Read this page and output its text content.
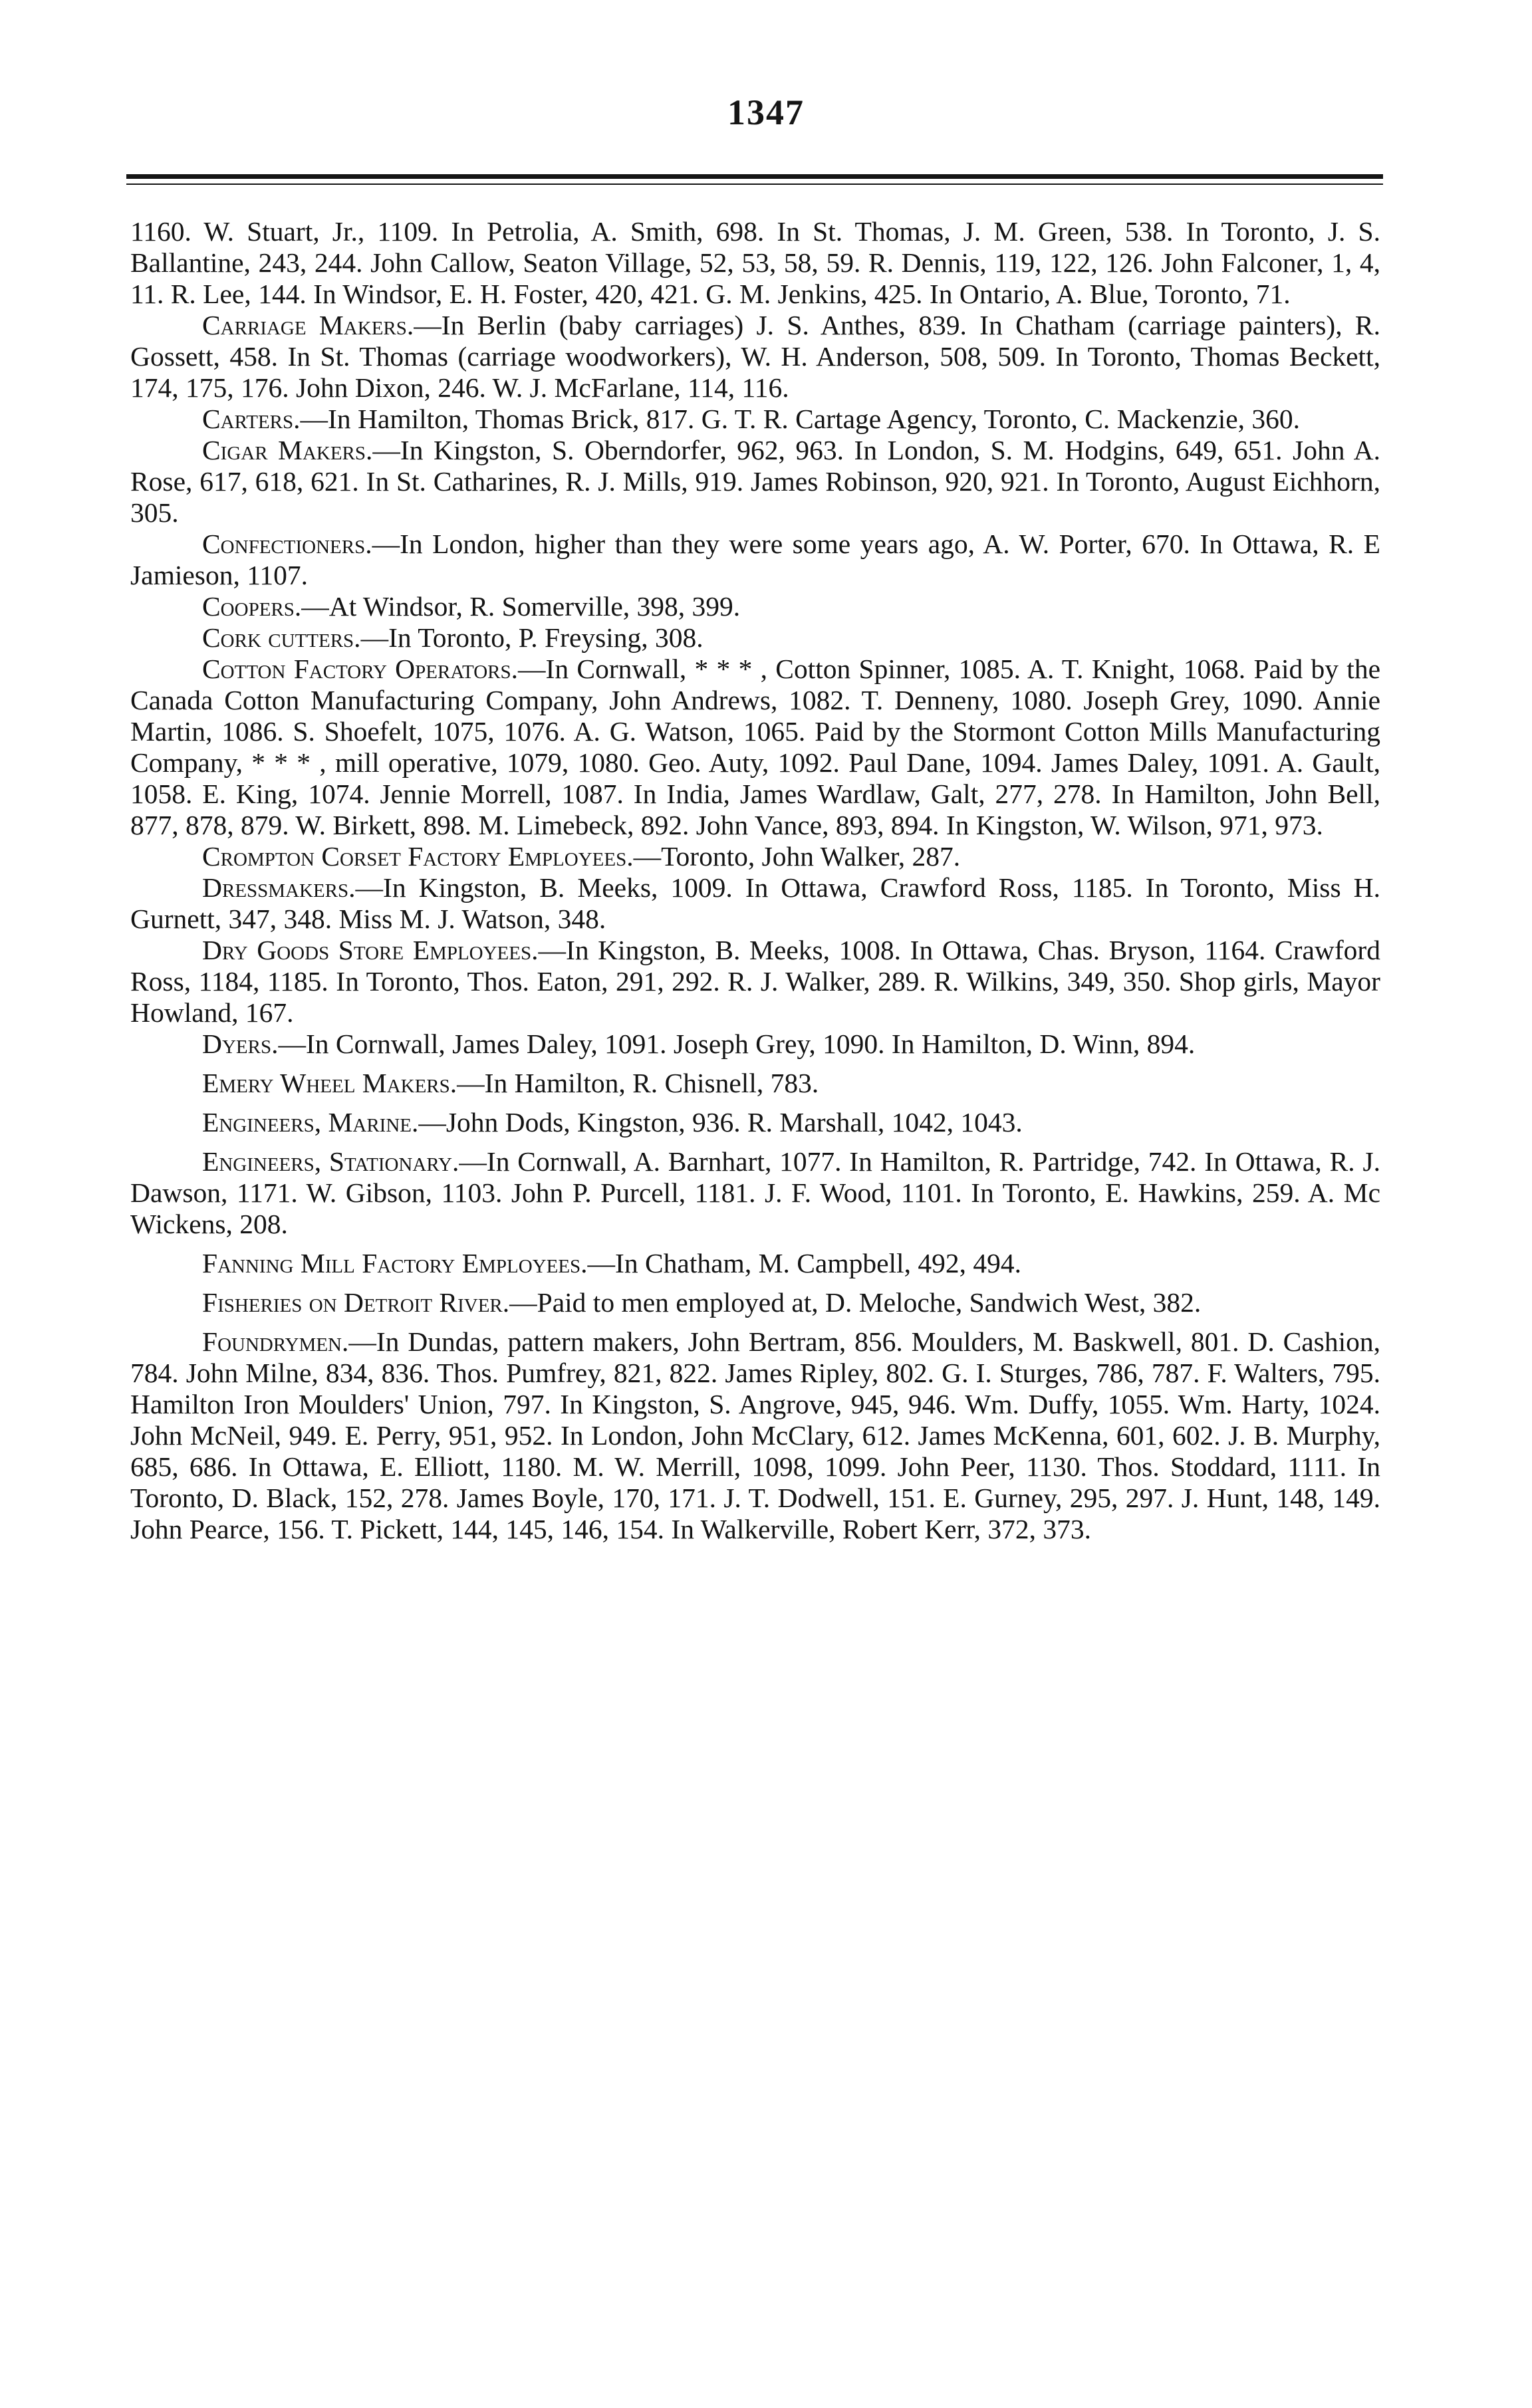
1347

1160. W. Stuart, Jr., 1109. In Petrolia, A. Smith, 698. In St. Thomas, J. M. Green, 538. In Toronto, J. S. Ballantine, 243, 244. John Callow, Seaton Village, 52, 53, 58, 59. R. Dennis, 119, 122, 126. John Falconer, 1, 4, 11. R. Lee, 144. In Windsor, E. H. Foster, 420, 421. G. M. Jenkins, 425. In Ontario, A. Blue, Toronto, 71.

Carriage Makers.—In Berlin (baby carriages) J. S. Anthes, 839. In Chatham (carriage painters), R. Gossett, 458. In St. Thomas (carriage woodworkers), W. H. Anderson, 508, 509. In Toronto, Thomas Beckett, 174, 175, 176. John Dixon, 246. W. J. McFarlane, 114, 116.

Carters.—In Hamilton, Thomas Brick, 817. G. T. R. Cartage Agency, Toronto, C. Mackenzie, 360.

Cigar Makers.—In Kingston, S. Oberndorfer, 962, 963. In London, S. M. Hodgins, 649, 651. John A. Rose, 617, 618, 621. In St. Catharines, R. J. Mills, 919. James Robinson, 920, 921. In Toronto, August Eichhorn, 305.

Confectioners.—In London, higher than they were some years ago, A. W. Porter, 670. In Ottawa, R. E Jamieson, 1107.

Coopers.—At Windsor, R. Somerville, 398, 399.

Cork cutters.—In Toronto, P. Freysing, 308.

Cotton Factory Operators.—In Cornwall, * * * , Cotton Spinner, 1085. A. T. Knight, 1068. Paid by the Canada Cotton Manufacturing Company, John Andrews, 1082. T. Denneny, 1080. Joseph Grey, 1090. Annie Martin, 1086. S. Shoefelt, 1075, 1076. A. G. Watson, 1065. Paid by the Stormont Cotton Mills Manufacturing Company, * * * , mill operative, 1079, 1080. Geo. Auty, 1092. Paul Dane, 1094. James Daley, 1091. A. Gault, 1058. E. King, 1074. Jennie Morrell, 1087. In India, James Wardlaw, Galt, 277, 278. In Hamilton, John Bell, 877, 878, 879. W. Birkett, 898. M. Limebeck, 892. John Vance, 893, 894. In Kingston, W. Wilson, 971, 973.

Crompton Corset Factory Employees.—Toronto, John Walker, 287.

Dressmakers.—In Kingston, B. Meeks, 1009. In Ottawa, Crawford Ross, 1185. In Toronto, Miss H. Gurnett, 347, 348. Miss M. J. Watson, 348.

Dry Goods Store Employees.—In Kingston, B. Meeks, 1008. In Ottawa, Chas. Bryson, 1164. Crawford Ross, 1184, 1185. In Toronto, Thos. Eaton, 291, 292. R. J. Walker, 289. R. Wilkins, 349, 350. Shop girls, Mayor Howland, 167.

Dyers.—In Cornwall, James Daley, 1091. Joseph Grey, 1090. In Hamilton, D. Winn, 894.

Emery Wheel Makers.—In Hamilton, R. Chisnell, 783.

Engineers, Marine.—John Dods, Kingston, 936. R. Marshall, 1042, 1043.

Engineers, Stationary.—In Cornwall, A. Barnhart, 1077. In Hamilton, R. Partridge, 742. In Ottawa, R. J. Dawson, 1171. W. Gibson, 1103. John P. Purcell, 1181. J. F. Wood, 1101. In Toronto, E. Hawkins, 259. A. Mc Wickens, 208.

Fanning Mill Factory Employees.—In Chatham, M. Campbell, 492, 494.

Fisheries on Detroit River.—Paid to men employed at, D. Meloche, Sandwich West, 382.

Foundrymen.—In Dundas, pattern makers, John Bertram, 856. Moulders, M. Baskwell, 801. D. Cashion, 784. John Milne, 834, 836. Thos. Pumfrey, 821, 822. James Ripley, 802. G. I. Sturges, 786, 787. F. Walters, 795. Hamilton Iron Moulders' Union, 797. In Kingston, S. Angrove, 945, 946. Wm. Duffy, 1055. Wm. Harty, 1024. John McNeil, 949. E. Perry, 951, 952. In London, John McClary, 612. James McKenna, 601, 602. J. B. Murphy, 685, 686. In Ottawa, E. Elliott, 1180. M. W. Merrill, 1098, 1099. John Peer, 1130. Thos. Stoddard, 1111. In Toronto, D. Black, 152, 278. James Boyle, 170, 171. J. T. Dodwell, 151. E. Gurney, 295, 297. J. Hunt, 148, 149. John Pearce, 156. T. Pickett, 144, 145, 146, 154. In Walkerville, Robert Kerr, 372, 373.
